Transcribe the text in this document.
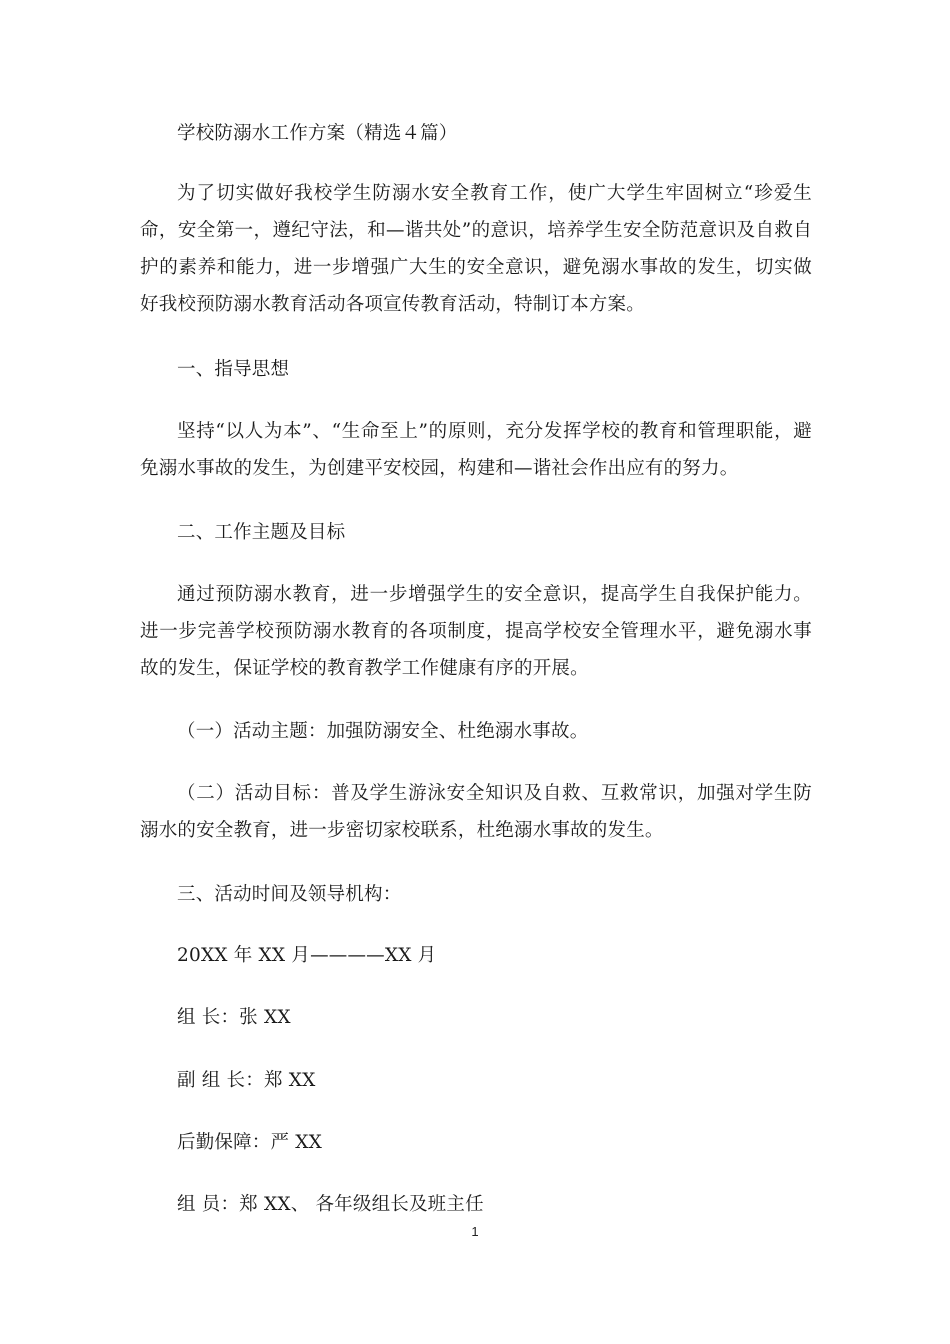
学校防溺水工作方案（精选４篇）
为了切实做好我校学生防溺水安全教育工作，使广大学生牢固树立“珍爱生命，安全第一，遵纪守法，和—谐共处”的意识，培养学生安全防范意识及自救自护的素养和能力，进一步增强广大生的安全意识，避免溺水事故的发生，切实做好我校预防溺水教育活动各项宣传教育活动，特制订本方案。
一、指导思想
坚持“以人为本”、“生命至上”的原则，充分发挥学校的教育和管理职能，避免溺水事故的发生，为创建平安校园，构建和—谐社会作出应有的努力。
二、工作主题及目标
通过预防溺水教育，进一步增强学生的安全意识，提高学生自我保护能力。进一步完善学校预防溺水教育的各项制度，提高学校安全管理水平，避免溺水事故的发生，保证学校的教育教学工作健康有序的开展。
（一）活动主题：加强防溺安全、杜绝溺水事故。
（二）活动目标：普及学生游泳安全知识及自救、互救常识，加强对学生防溺水的安全教育，进一步密切家校联系，杜绝溺水事故的发生。
三、活动时间及领导机构：
20XX 年 XX 月————XX 月
组 长：张 XX
副 组 长：郑 XX
后勤保障：严 XX
组 员：郑 XX、 各年级组长及班主任
1
